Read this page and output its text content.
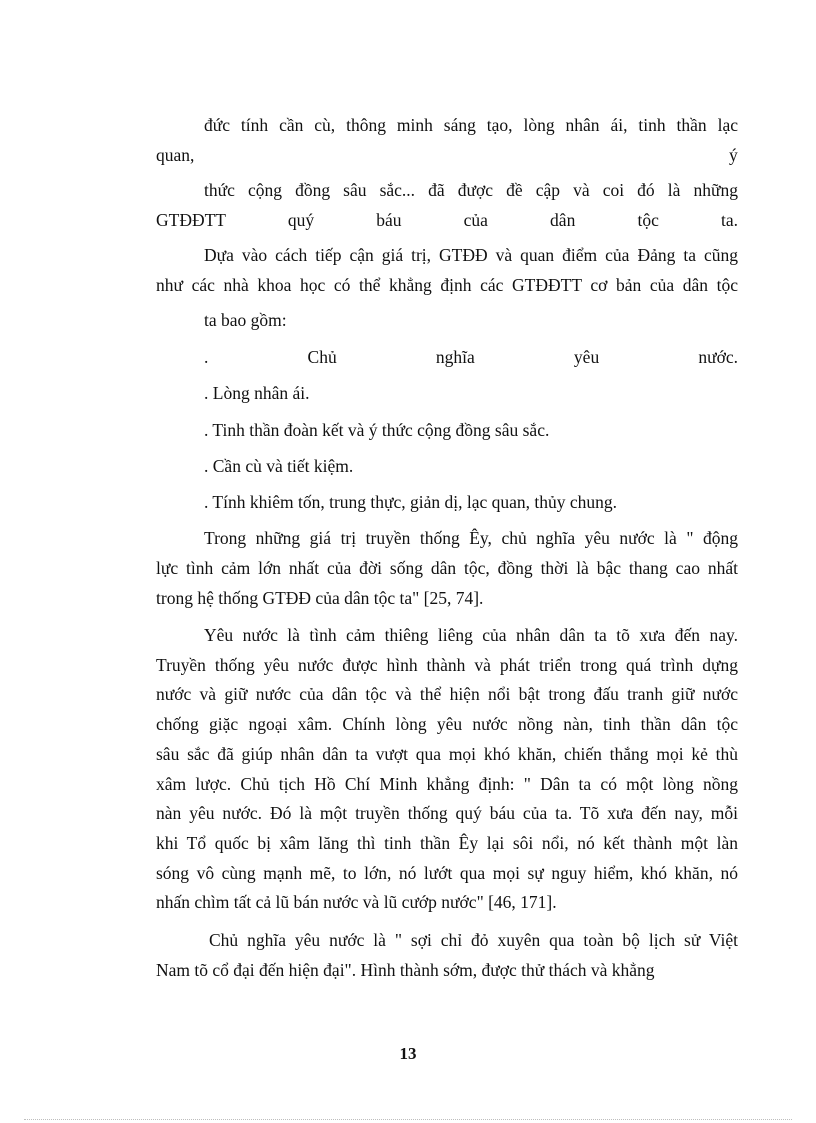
đức tính cần cù, thông minh sáng tạo, lòng nhân ái, tinh thần lạc
quan,	ý
thức cộng đồng sâu sắc... đã được đề cập và coi đó là những
GTĐĐTT quý báu của dân tộc ta.
Dựa vào cách tiếp cận giá trị, GTĐĐ và quan điểm của Đảng ta cũng
như các nhà khoa học có thể khẳng định các GTĐĐTT cơ bản của dân tộc
ta bao gồm:
. Chủ nghĩa yêu nước.
. Lòng nhân ái.
. Tinh thần đoàn kết và ý thức cộng đồng sâu sắc.
. Cần cù và tiết kiệm.
. Tính khiêm tốn, trung thực, giản dị, lạc quan, thủy chung.
Trong những giá trị truyền thống Êy, chủ nghĩa yêu nước là " động
lực tình cảm lớn nhất của đời sống dân tộc, đồng thời là bậc thang cao nhất
trong hệ thống GTĐĐ của dân tộc ta" [25, 74].
Yêu nước là tình cảm thiêng liêng của nhân dân ta tõ xưa đến nay.
Truyền thống yêu nước được hình thành và phát triển trong quá trình dựng
nước và giữ nước của dân tộc và thể hiện nổi bật trong đấu tranh giữ nước
chống giặc ngoại xâm. Chính lòng yêu nước nồng nàn, tinh thần dân tộc
sâu sắc đã giúp nhân dân ta vượt qua mọi khó khăn, chiến thắng mọi kẻ thù
xâm lược. Chủ tịch Hồ Chí Minh khẳng định: " Dân ta có một lòng nồng
nàn yêu nước. Đó là một truyền thống quý báu của ta. Tõ xưa đến nay, mỗi
khi Tổ quốc bị xâm lăng thì tinh thần Êy lại sôi nổi, nó kết thành một làn
sóng vô cùng mạnh mẽ, to lớn, nó lướt qua mọi sự nguy hiểm, khó khăn, nó
nhấn chìm tất cả lũ bán nước và lũ cướp nước" [46, 171].
Chủ nghĩa yêu nước là " sợi chỉ đỏ xuyên qua toàn bộ lịch sử Việt
Nam tõ cổ đại đến hiện đại". Hình thành sớm, được thử thách và khẳng
13
